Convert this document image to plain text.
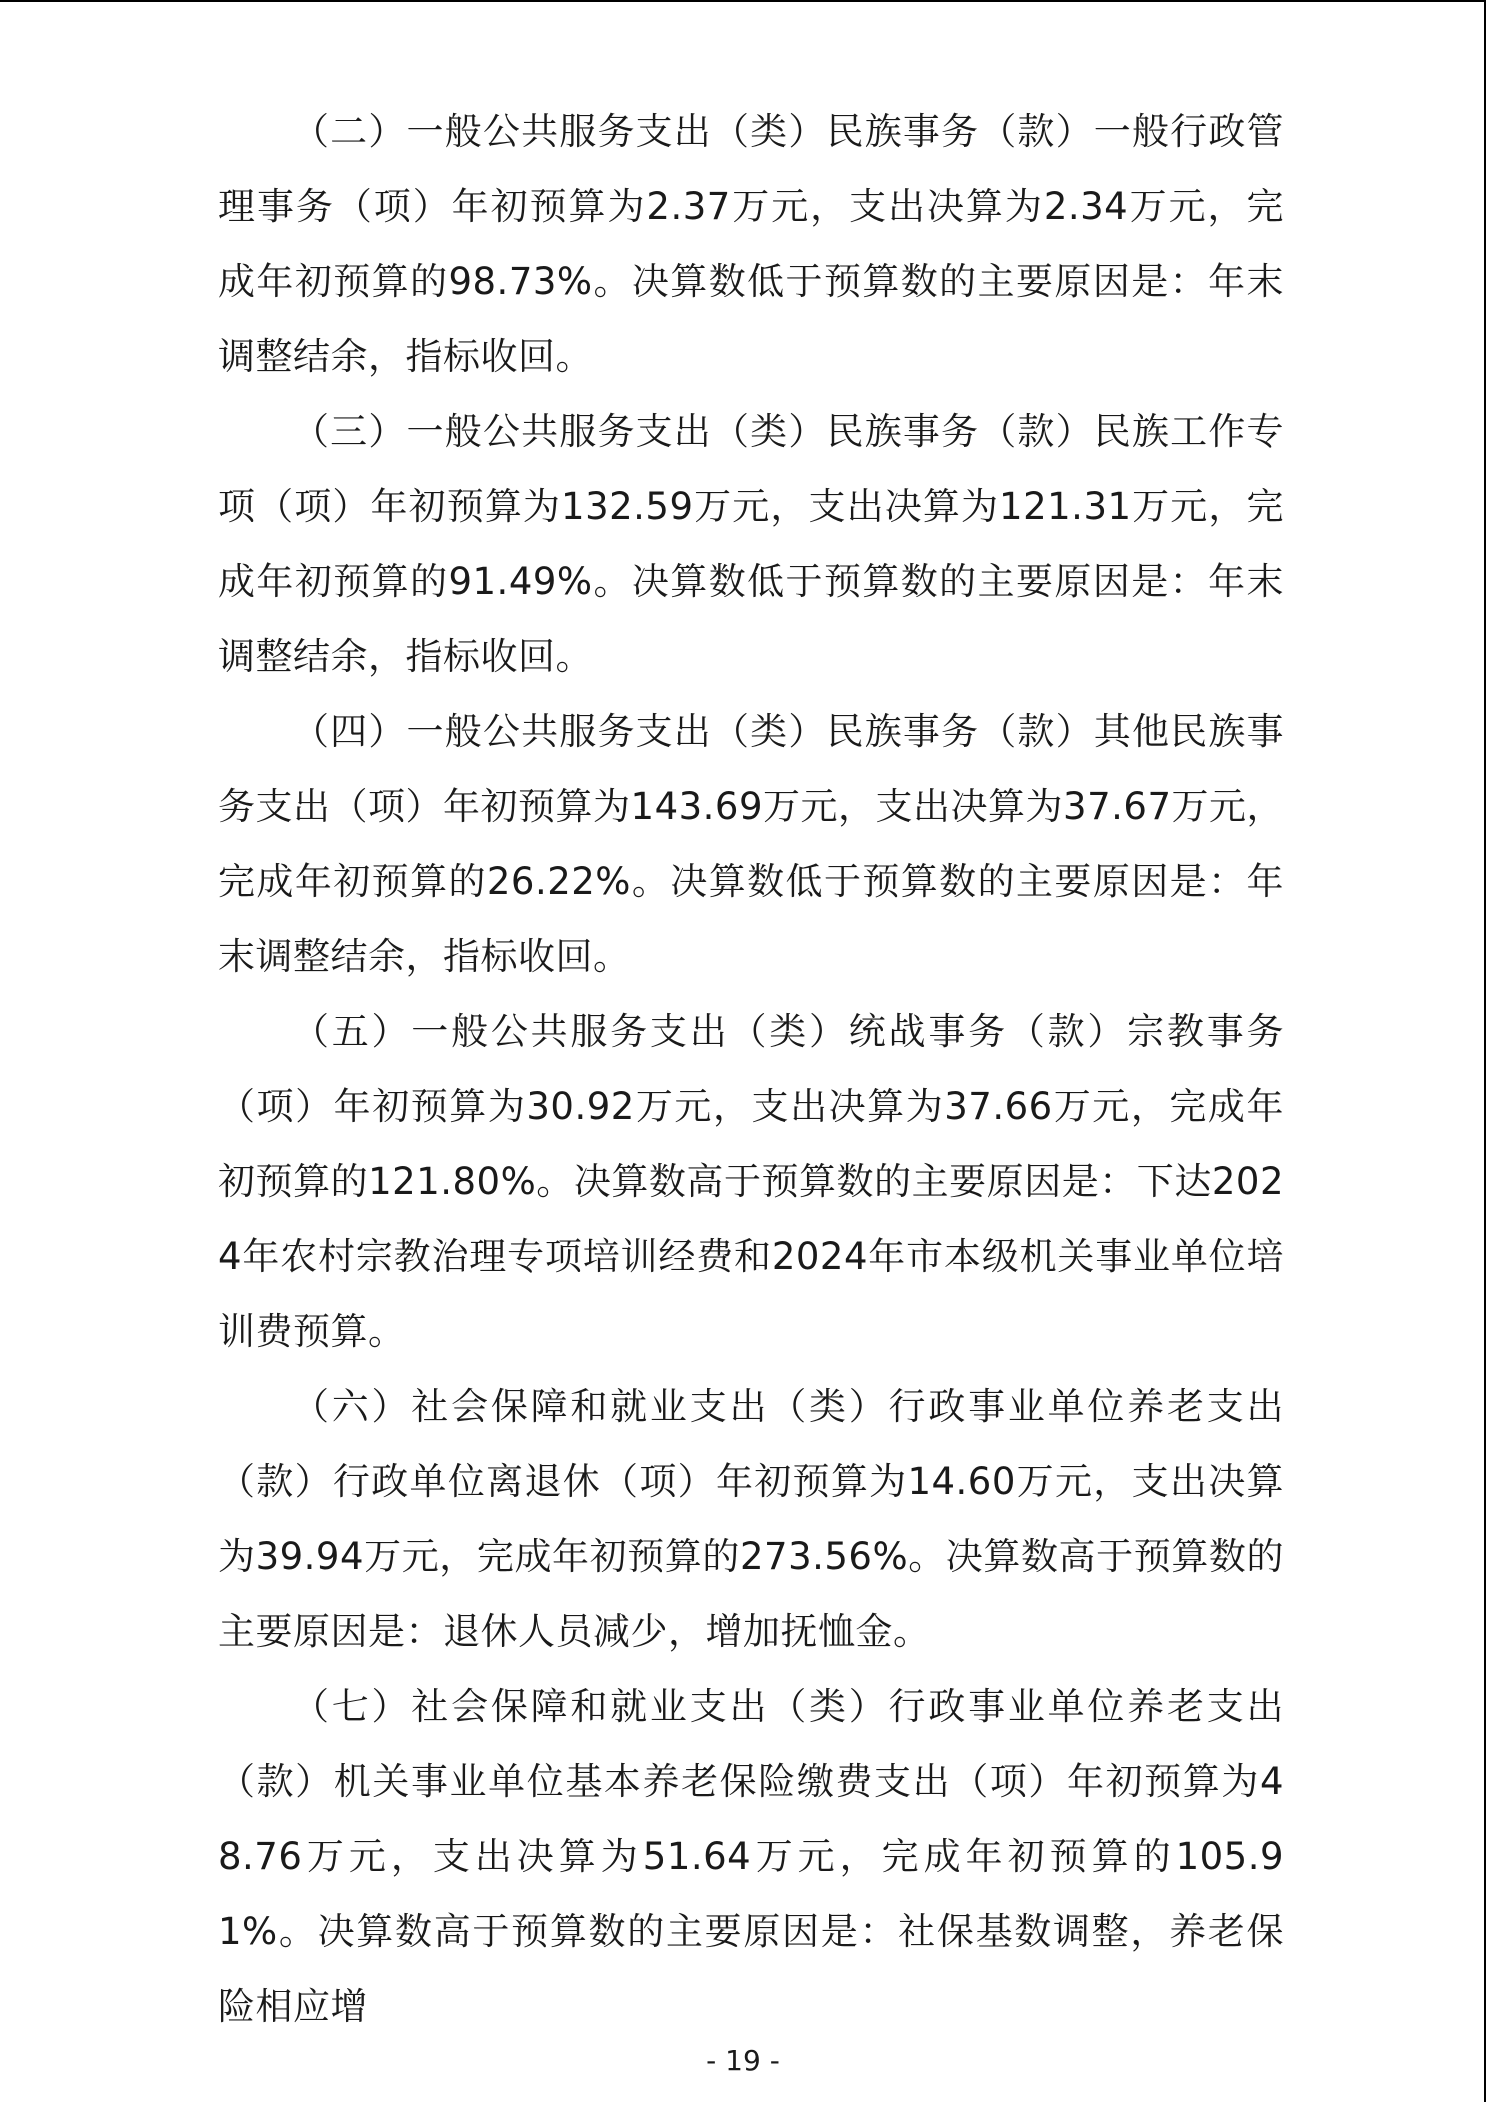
（二）一般公共服务支出（类）民族事务（款）一般行政管理事务（项）年初预算为2.37万元，支出决算为2.34万元，完成年初预算的98.73%。决算数低于预算数的主要原因是：年末调整结余，指标收回。

（三）一般公共服务支出（类）民族事务（款）民族工作专项（项）年初预算为132.59万元，支出决算为121.31万元，完成年初预算的91.49%。决算数低于预算数的主要原因是：年末调整结余，指标收回。

（四）一般公共服务支出（类）民族事务（款）其他民族事务支出（项）年初预算为143.69万元，支出决算为37.67万元，完成年初预算的26.22%。决算数低于预算数的主要原因是：年末调整结余，指标收回。

（五）一般公共服务支出（类）统战事务（款）宗教事务（项）年初预算为30.92万元，支出决算为37.66万元，完成年初预算的121.80%。决算数高于预算数的主要原因是：下达2024年农村宗教治理专项培训经费和2024年市本级机关事业单位培训费预算。

（六）社会保障和就业支出（类）行政事业单位养老支出（款）行政单位离退休（项）年初预算为14.60万元，支出决算为39.94万元，完成年初预算的273.56%。决算数高于预算数的主要原因是：退休人员减少，增加抚恤金。

（七）社会保障和就业支出（类）行政事业单位养老支出（款）机关事业单位基本养老保险缴费支出（项）年初预算为48.76万元，支出决算为51.64万元，完成年初预算的105.91%。决算数高于预算数的主要原因是：社保基数调整，养老保险相应增

- 19 -
